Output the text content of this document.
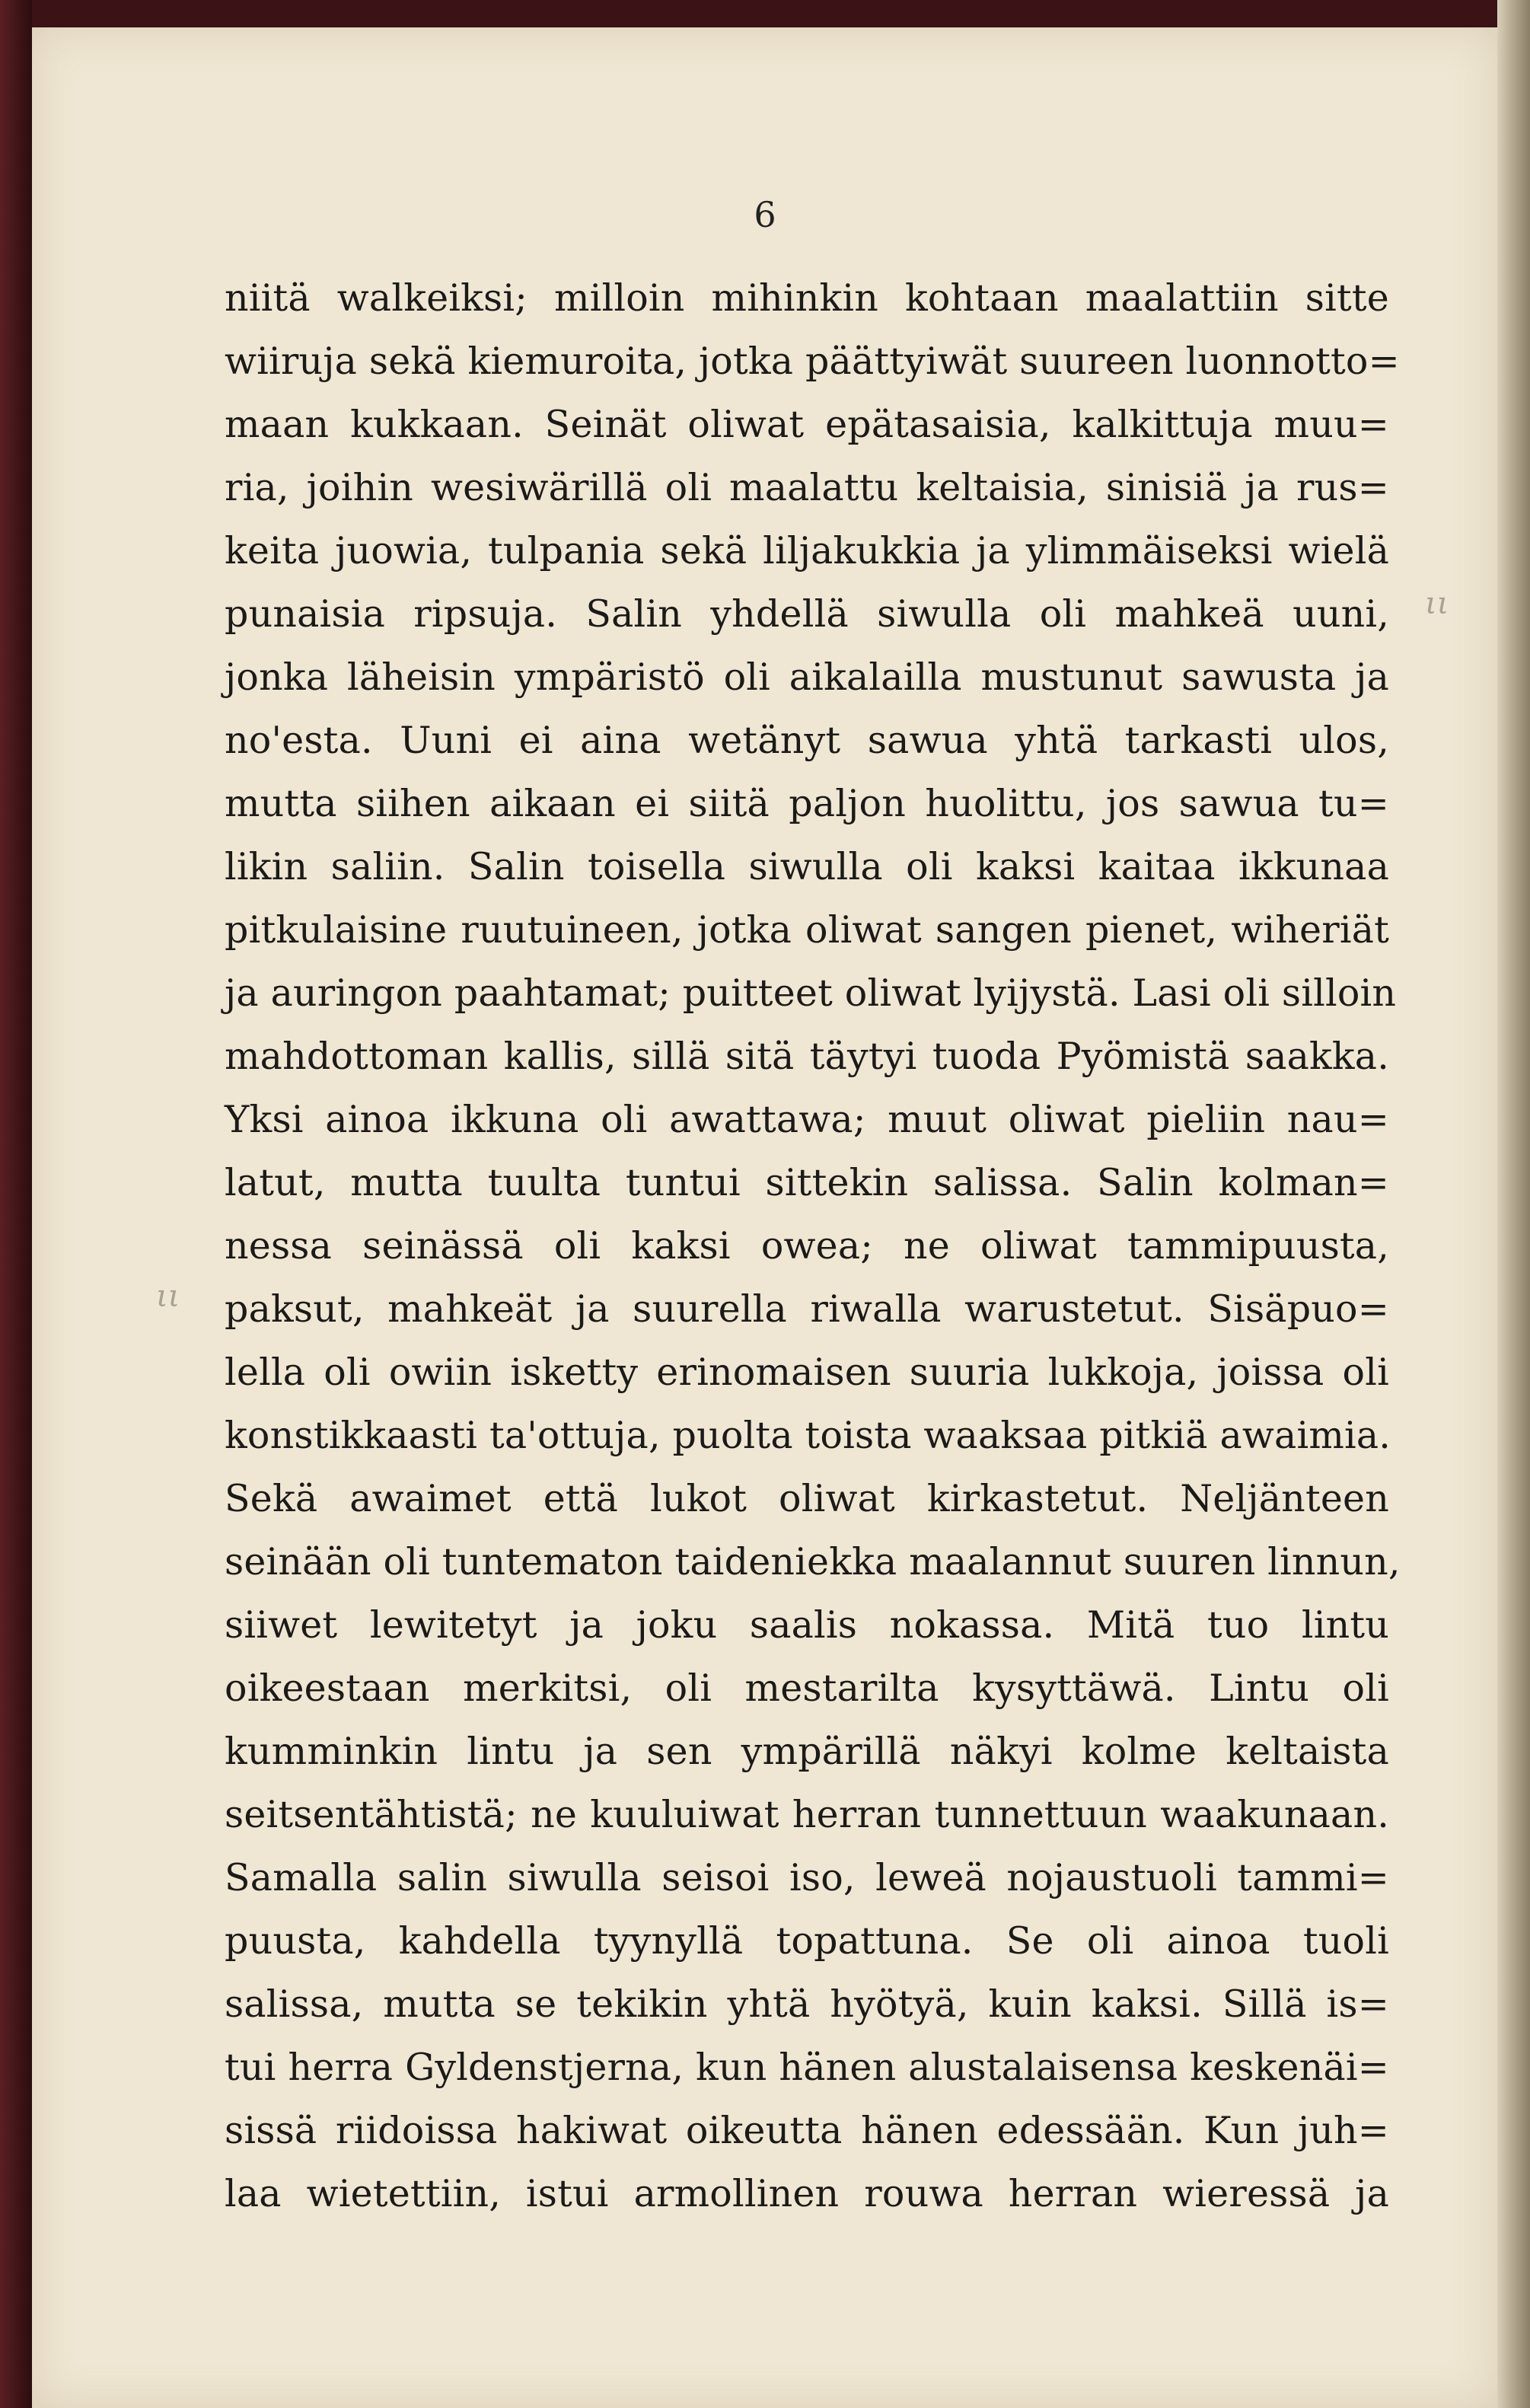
6
ιι
ιι
niitä walkeiksi; milloin mihinkin kohtaan maalattiin sitte
wiiruja sekä kiemuroita, jotka päättyiwät suureen luonnotto=
maan kukkaan. Seinät oliwat epätasaisia, kalkittuja muu=
ria, joihin wesiwärillä oli maalattu keltaisia, sinisiä ja rus=
keita juowia, tulpania sekä liljakukkia ja ylimmäiseksi wielä
punaisia ripsuja. Salin yhdellä siwulla oli mahkeä uuni,
jonka läheisin ympäristö oli aikalailla mustunut sawusta ja
no'esta. Uuni ei aina wetänyt sawua yhtä tarkasti ulos,
mutta siihen aikaan ei siitä paljon huolittu, jos sawua tu=
likin saliin. Salin toisella siwulla oli kaksi kaitaa ikkunaa
pitkulaisine ruutuineen, jotka oliwat sangen pienet, wiheriät
ja auringon paahtamat; puitteet oliwat lyijystä. Lasi oli silloin
mahdottoman kallis, sillä sitä täytyi tuoda Pyömistä saakka.
Yksi ainoa ikkuna oli awattawa; muut oliwat pieliin nau=
latut, mutta tuulta tuntui sittekin salissa. Salin kolman=
nessa seinässä oli kaksi owea; ne oliwat tammipuusta,
paksut, mahkeät ja suurella riwalla warustetut. Sisäpuo=
lella oli owiin isketty erinomaisen suuria lukkoja, joissa oli
konstikkaasti ta'ottuja, puolta toista waaksaa pitkiä awaimia.
Sekä awaimet että lukot oliwat kirkastetut. Neljänteen
seinään oli tuntematon taideniekka maalannut suuren linnun,
siiwet lewitetyt ja joku saalis nokassa. Mitä tuo lintu
oikeestaan merkitsi, oli mestarilta kysyttäwä. Lintu oli
kumminkin lintu ja sen ympärillä näkyi kolme keltaista
seitsentähtistä; ne kuuluiwat herran tunnettuun waakunaan.
Samalla salin siwulla seisoi iso, leweä nojaustuoli tammi=
puusta, kahdella tyynyllä topattuna. Se oli ainoa tuoli
salissa, mutta se tekikin yhtä hyötyä, kuin kaksi. Sillä is=
tui herra Gyldenstjerna, kun hänen alustalaisensa keskenäi=
sissä riidoissa hakiwat oikeutta hänen edessään. Kun juh=
laa wietettiin, istui armollinen rouwa herran wieressä ja
